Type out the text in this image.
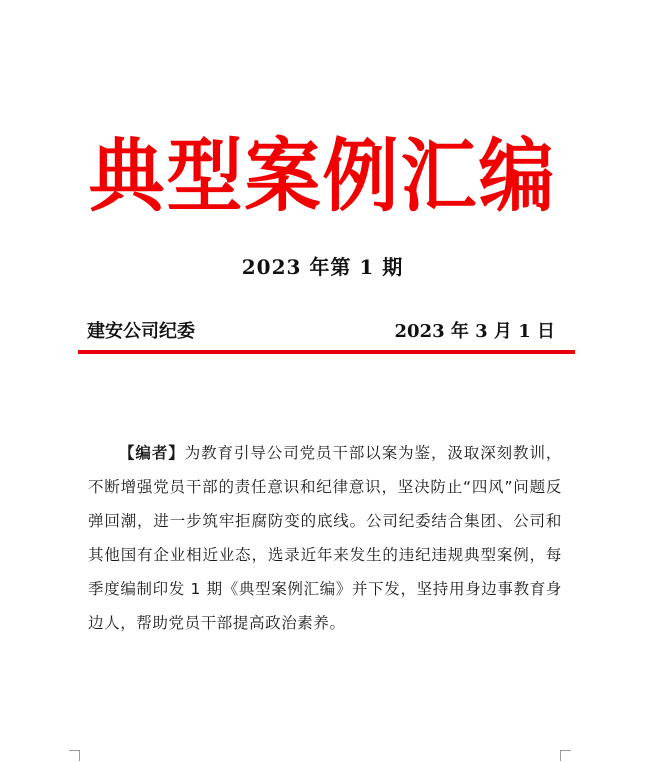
典型案例汇编
2023 年第 1 期
建安公司纪委	2023 年 3 月 1 日

【编者】为教育引导公司党员干部以案为鉴，汲取深刻教训，不断增强党员干部的责任意识和纪律意识，坚决防止“四风”问题反弹回潮，进一步筑牢拒腐防变的底线。公司纪委结合集团、公司和其他国有企业相近业态，选录近年来发生的违纪违规典型案例，每季度编制印发 1 期《典型案例汇编》并下发，坚持用身边事教育身边人，帮助党员干部提高政治素养。
